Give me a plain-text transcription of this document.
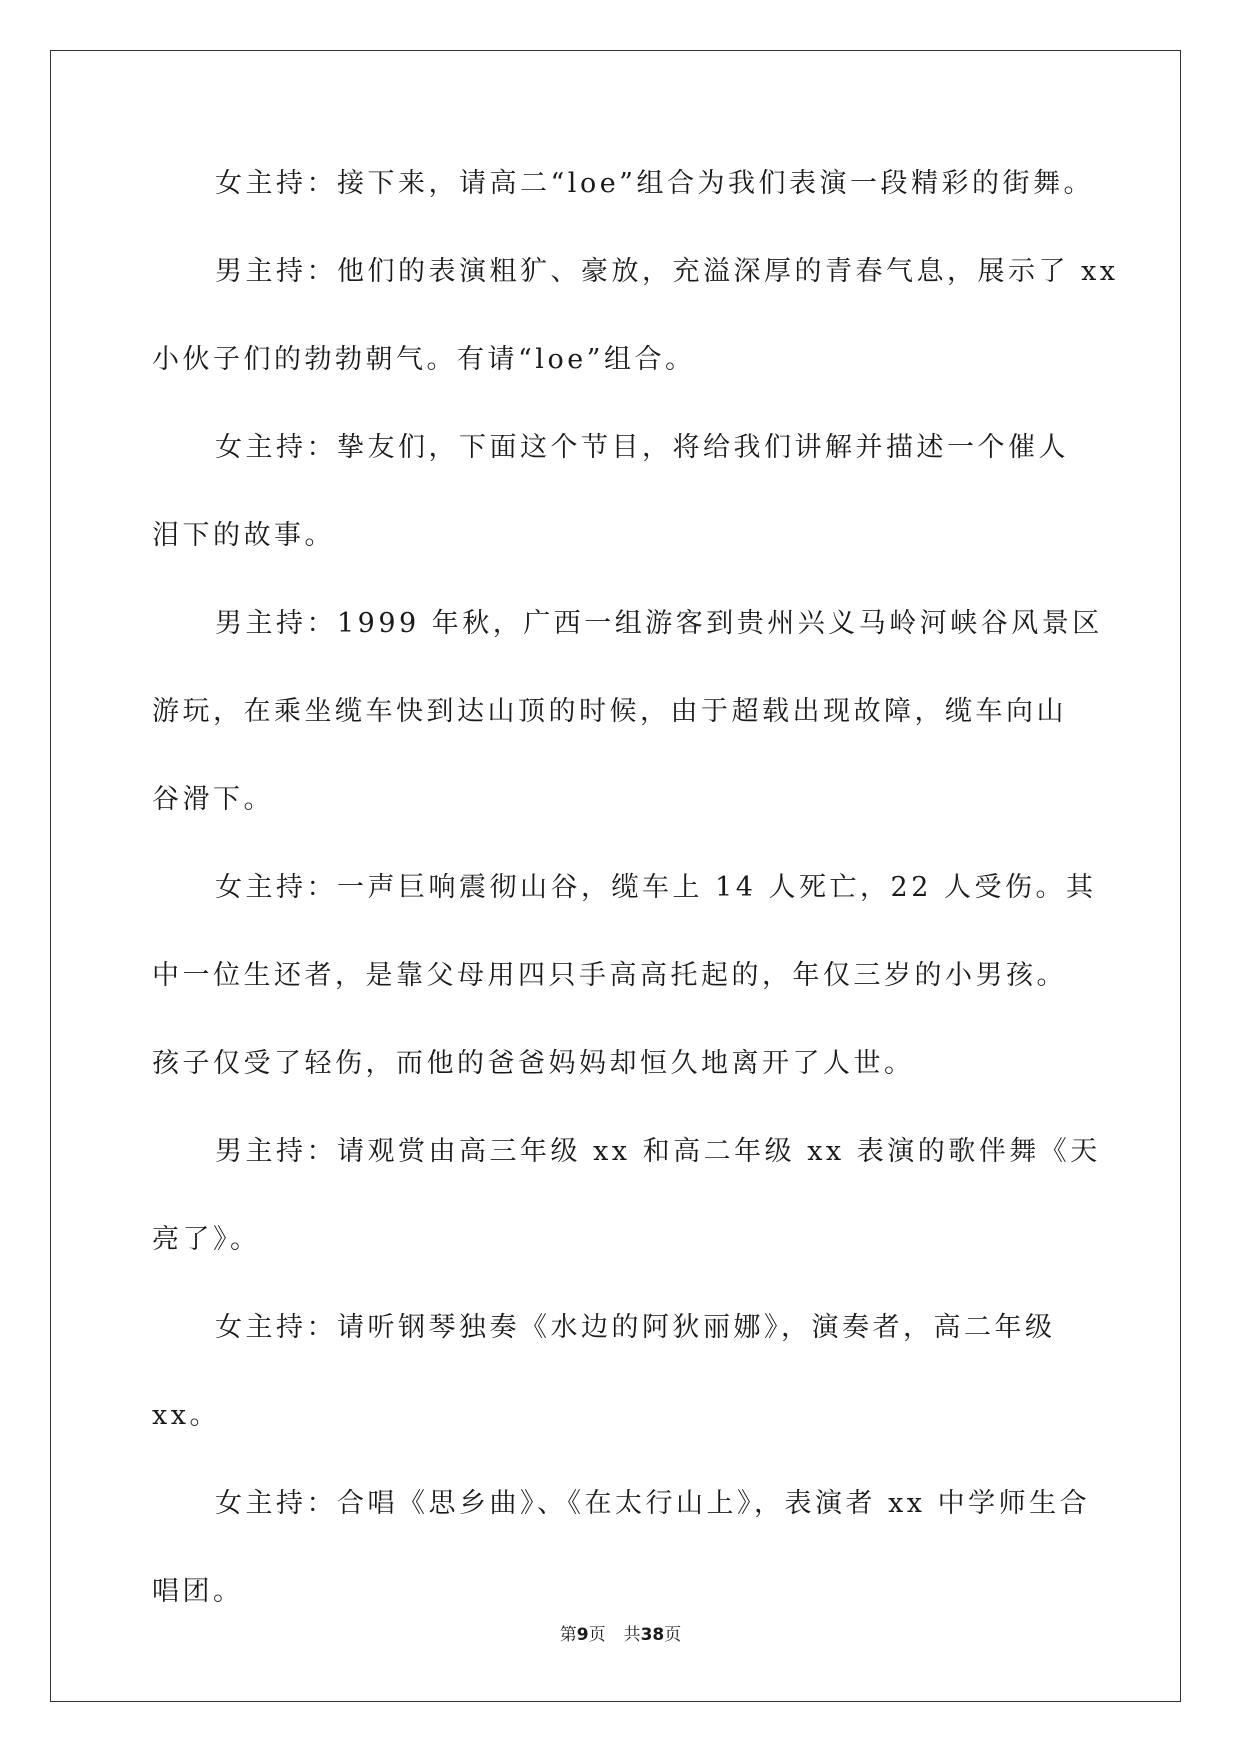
女主持：接下来，请高二“loe”组合为我们表演一段精彩的街舞。
男主持：他们的表演粗犷、豪放，充溢深厚的青春气息，展示了 xx
小伙子们的勃勃朝气。有请“loe”组合。
女主持：挚友们，下面这个节目，将给我们讲解并描述一个催人
泪下的故事。
男主持：1999 年秋，广西一组游客到贵州兴义马岭河峡谷风景区
游玩，在乘坐缆车快到达山顶的时候，由于超载出现故障，缆车向山
谷滑下。
女主持：一声巨响震彻山谷，缆车上 14 人死亡，22 人受伤。其
中一位生还者，是靠父母用四只手高高托起的，年仅三岁的小男孩。
孩子仅受了轻伤，而他的爸爸妈妈却恒久地离开了人世。
男主持：请观赏由高三年级 xx 和高二年级 xx 表演的歌伴舞《天
亮了》。
女主持：请听钢琴独奏《水边的阿狄丽娜》，演奏者，高二年级
xx。
女主持：合唱《思乡曲》、《在太行山上》，表演者 xx 中学师生合
唱团。
第9页 共38页
